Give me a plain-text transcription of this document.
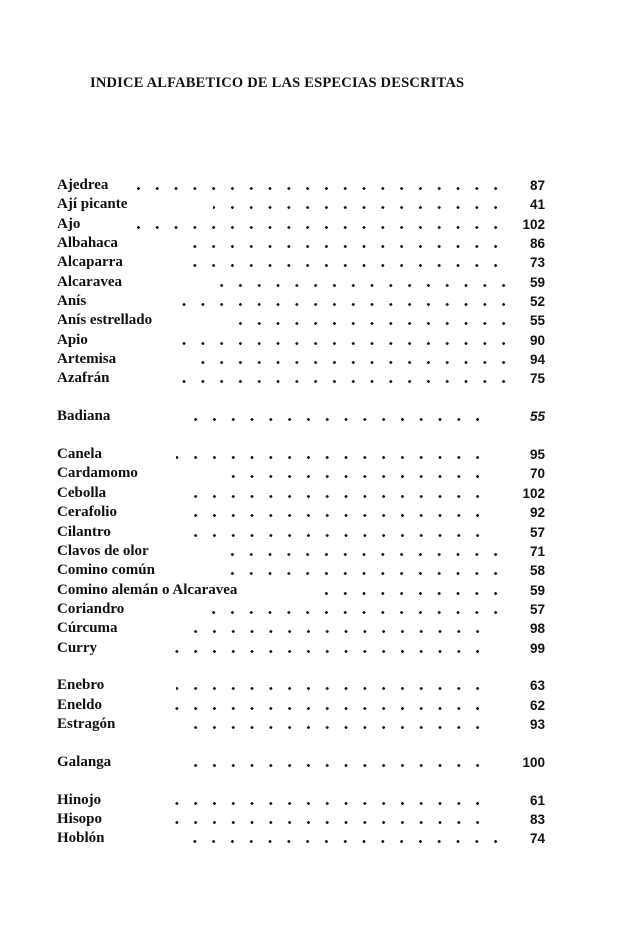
INDICE ALFABETICO DE LAS ESPECIAS DESCRITAS
Ajedrea	87
Ají picante	41
Ajo	102
Albahaca	86
Alcaparra	73
Alcaravea	59
Anís	52
Anís estrellado	55
Apio	90
Artemisa	94
Azafrán	75
Badiana	55
Canela	95
Cardamomo	70
Cebolla	102
Cerafolio	92
Cilantro	57
Clavos de olor	71
Comino común	58
Comino alemán o Alcaravea	59
Coriandro	57
Cúrcuma	98
Curry	99
Enebro	63
Eneldo	62
Estragón	93
Galanga	100
Hinojo	61
Hisopo	83
Hoblón	74
